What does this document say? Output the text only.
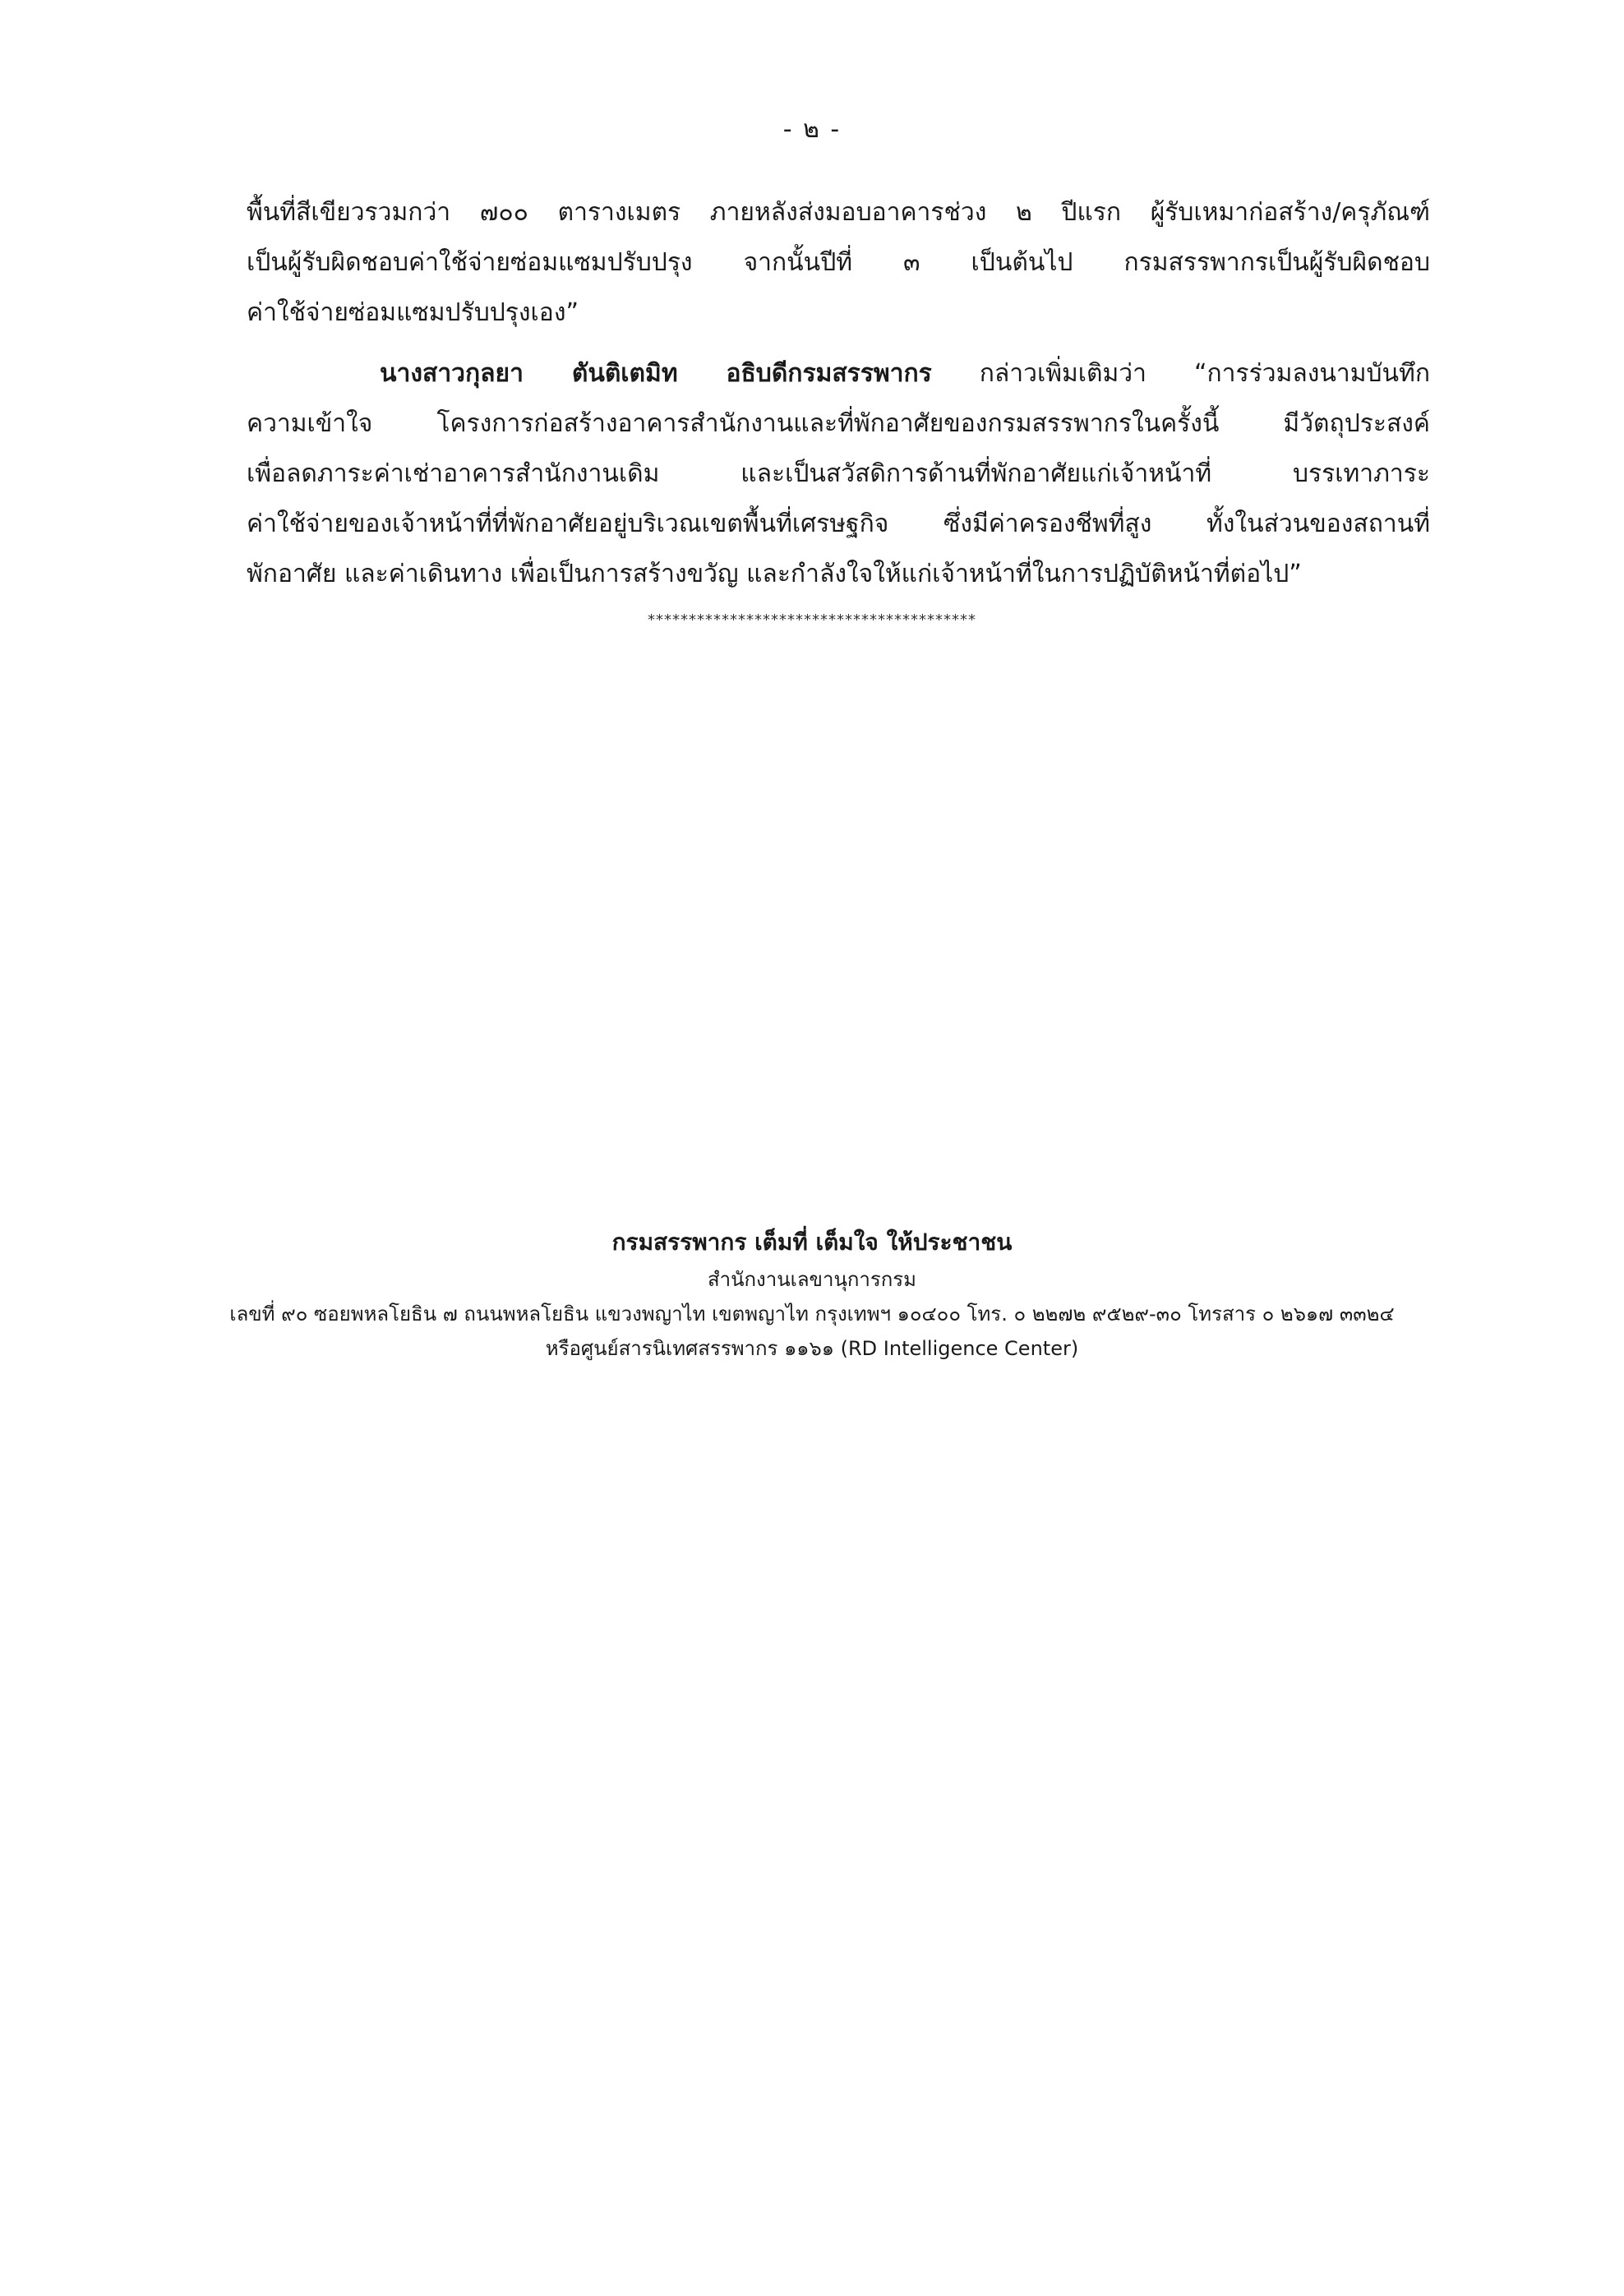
- ๒ -
พื้นที่สีเขียวรวมกว่า ๗๐๐ ตารางเมตร ภายหลังส่งมอบอาคารช่วง ๒ ปีแรก ผู้รับเหมาก่อสร้าง/ครุภัณฑ์
เป็นผู้รับผิดชอบค่าใช้จ่ายซ่อมแซมปรับปรุง จากนั้นปีที่ ๓ เป็นต้นไป กรมสรรพากรเป็นผู้รับผิดชอบ
ค่าใช้จ่ายซ่อมแซมปรับปรุงเอง”
นางสาวกุลยา ตันติเตมิท อธิบดีกรมสรรพากร กล่าวเพิ่มเติมว่า “การร่วมลงนามบันทึก
ความเข้าใจ โครงการก่อสร้างอาคารสำนักงานและที่พักอาศัยของกรมสรรพากรในครั้งนี้ มีวัตถุประสงค์
เพื่อลดภาระค่าเช่าอาคารสำนักงานเดิม และเป็นสวัสดิการด้านที่พักอาศัยแก่เจ้าหน้าที่ บรรเทาภาระ
ค่าใช้จ่ายของเจ้าหน้าที่ที่พักอาศัยอยู่บริเวณเขตพื้นที่เศรษฐกิจ ซึ่งมีค่าครองชีพที่สูง ทั้งในส่วนของสถานที่
พักอาศัย และค่าเดินทาง เพื่อเป็นการสร้างขวัญ และกำลังใจให้แก่เจ้าหน้าที่ในการปฏิบัติหน้าที่ต่อไป”
****************************************
กรมสรรพากร เต็มที่ เต็มใจ ให้ประชาชน
สำนักงานเลขานุการกรม
เลขที่ ๙๐ ซอยพหลโยธิน ๗ ถนนพหลโยธิน แขวงพญาไท เขตพญาไท กรุงเทพฯ ๑๐๔๐๐ โทร. ๐ ๒๒๗๒ ๙๕๒๙-๓๐ โทรสาร ๐ ๒๖๑๗ ๓๓๒๔
หรือศูนย์สารนิเทศสรรพากร ๑๑๖๑ (RD Intelligence Center)
